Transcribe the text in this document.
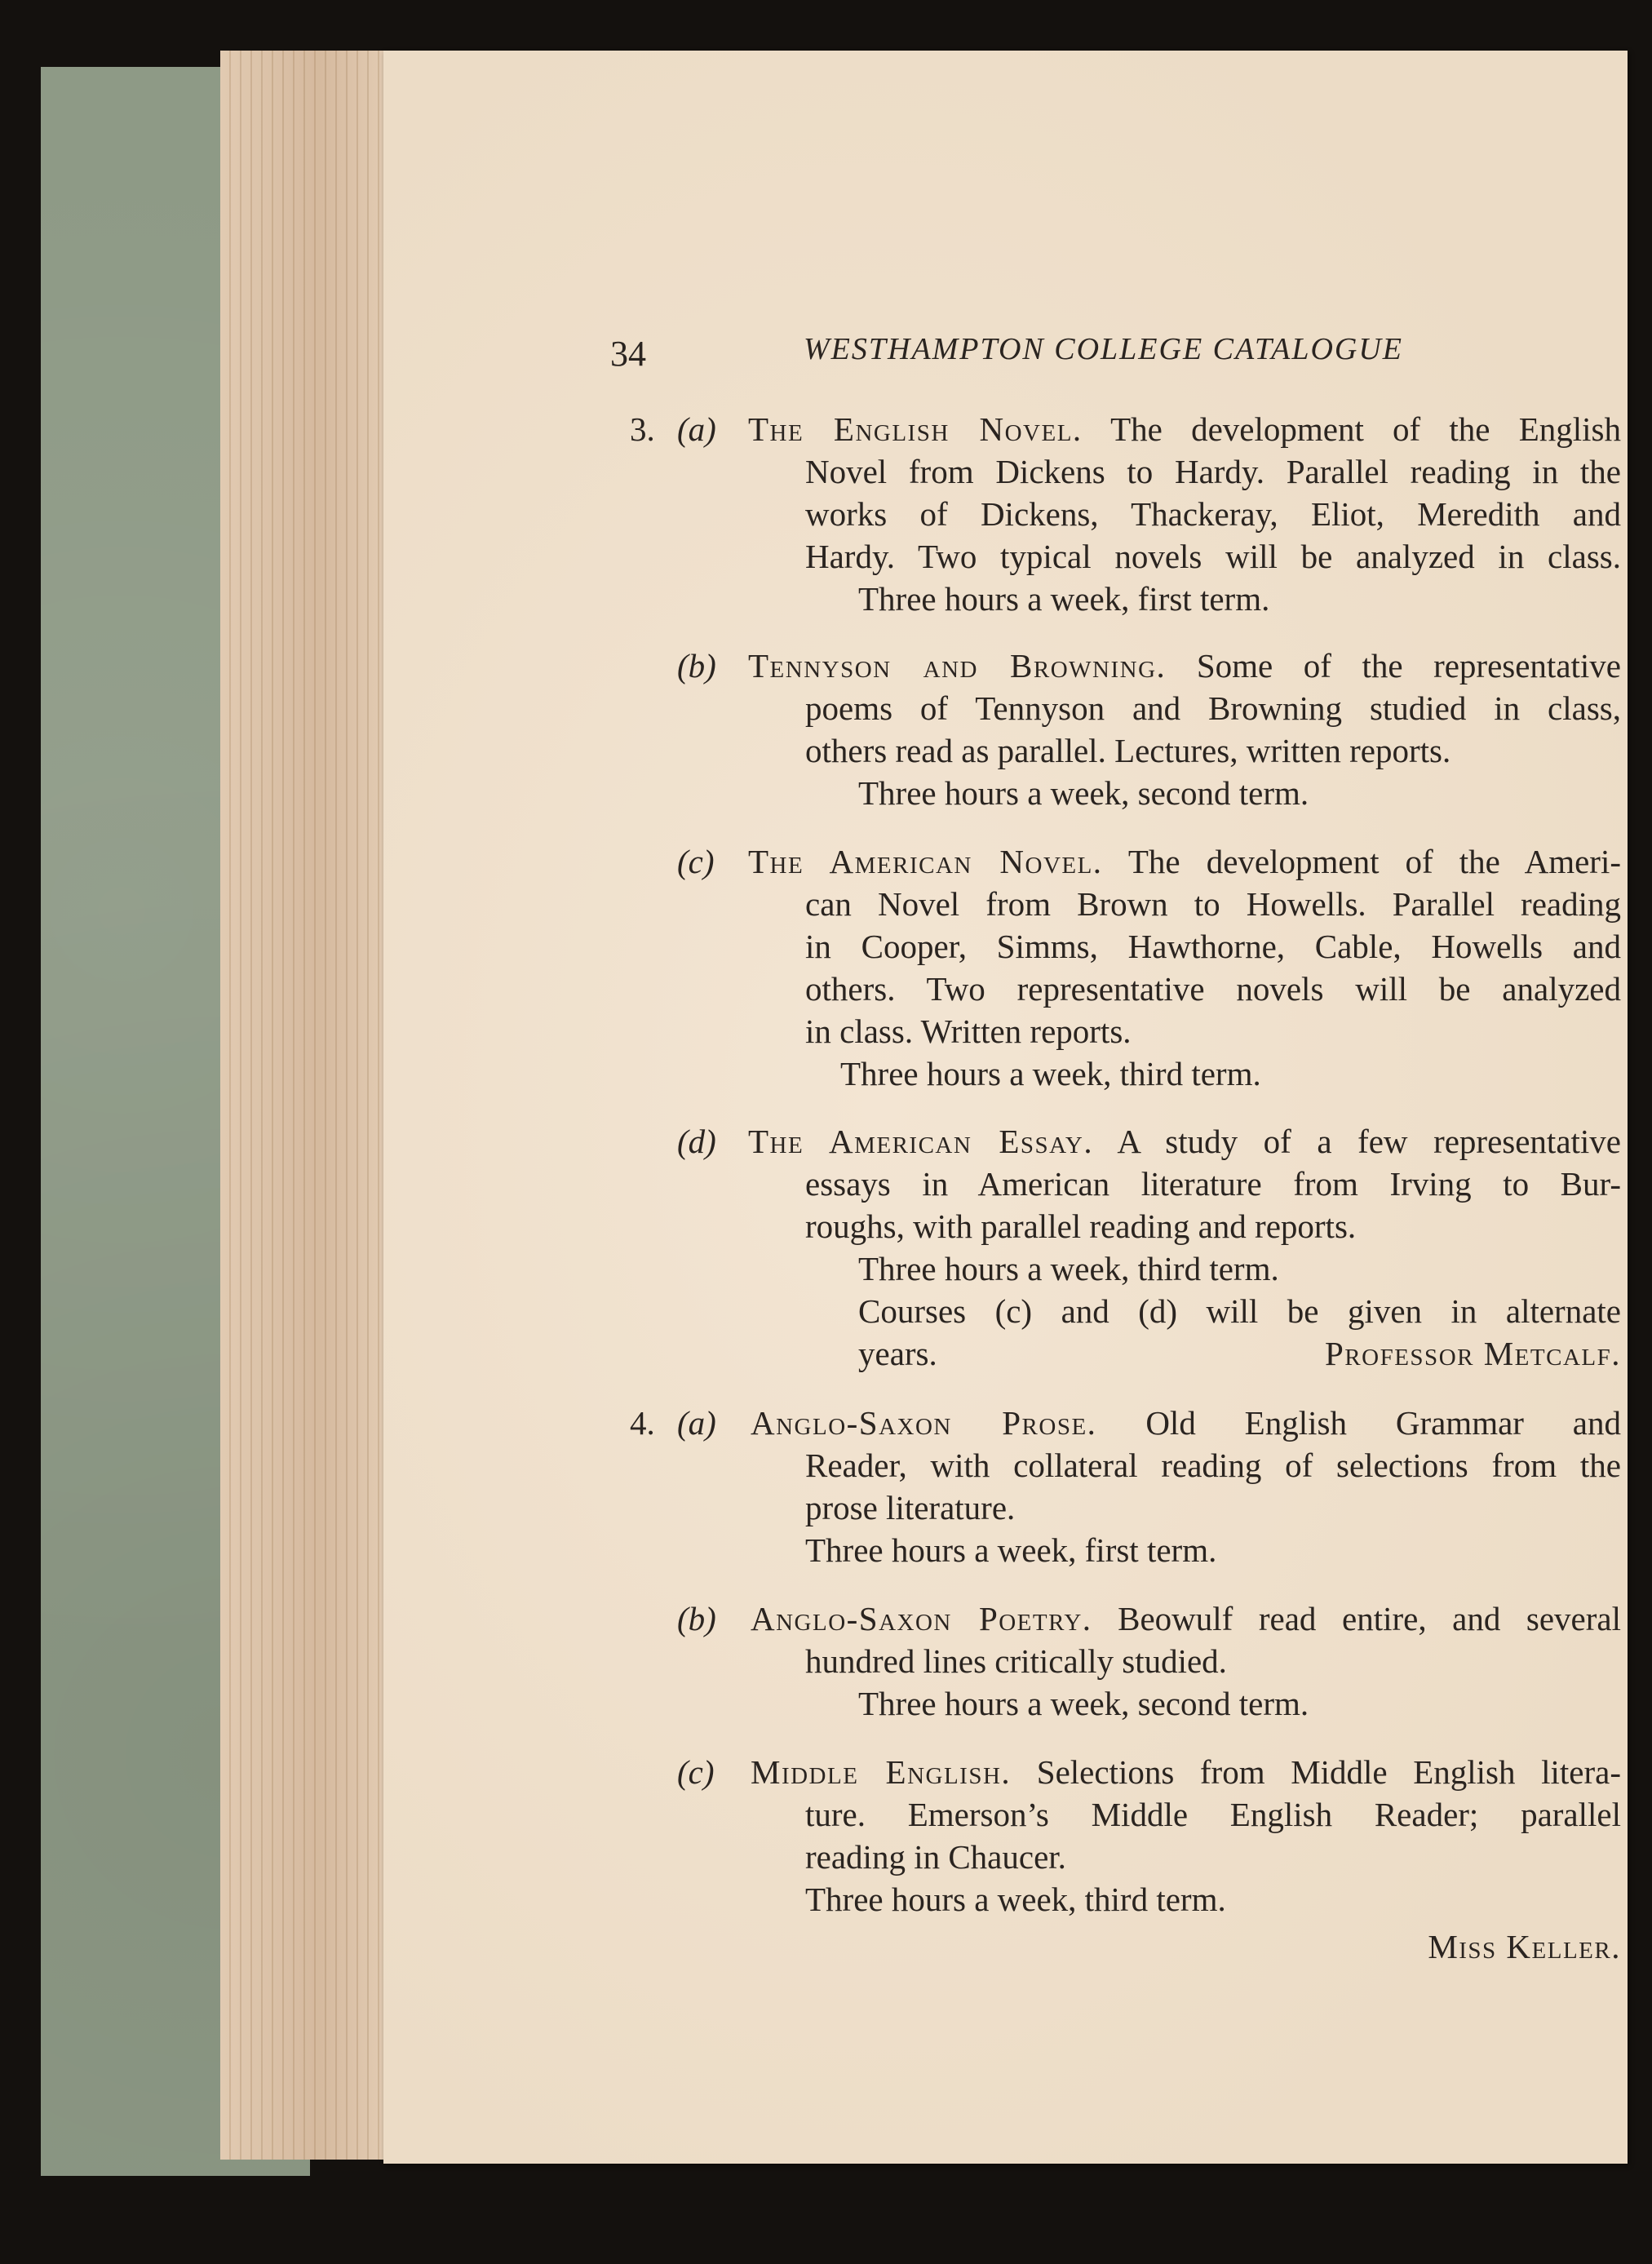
34	WESTHAMPTON COLLEGE CATALOGUE
3. (a) The English Novel. The development of the English
Novel from Dickens to Hardy. Parallel reading in the
works of Dickens, Thackeray, Eliot, Meredith and
Hardy. Two typical novels will be analyzed in class.
Three hours a week, first term.
(b) Tennyson and Browning. Some of the representative
poems of Tennyson and Browning studied in class,
others read as parallel. Lectures, written reports.
Three hours a week, second term.
(c) The American Novel. The development of the Ameri-
can Novel from Brown to Howells. Parallel reading
in Cooper, Simms, Hawthorne, Cable, Howells and
others. Two representative novels will be analyzed
in class. Written reports.
Three hours a week, third term.
(d) The American Essay. A study of a few representative
essays in American literature from Irving to Bur-
roughs, with parallel reading and reports.
Three hours a week, third term.
Courses (c) and (d) will be given in alternate
years.	Professor Metcalf.
4. (a) Anglo-Saxon Prose. Old English Grammar and
Reader, with collateral reading of selections from the
prose literature.
Three hours a week, first term.
(b) Anglo-Saxon Poetry. Beowulf read entire, and several
hundred lines critically studied.
Three hours a week, second term.
(c) Middle English. Selections from Middle English litera-
ture. Emerson’s Middle English Reader; parallel
reading in Chaucer.
Three hours a week, third term.
Miss Keller.
